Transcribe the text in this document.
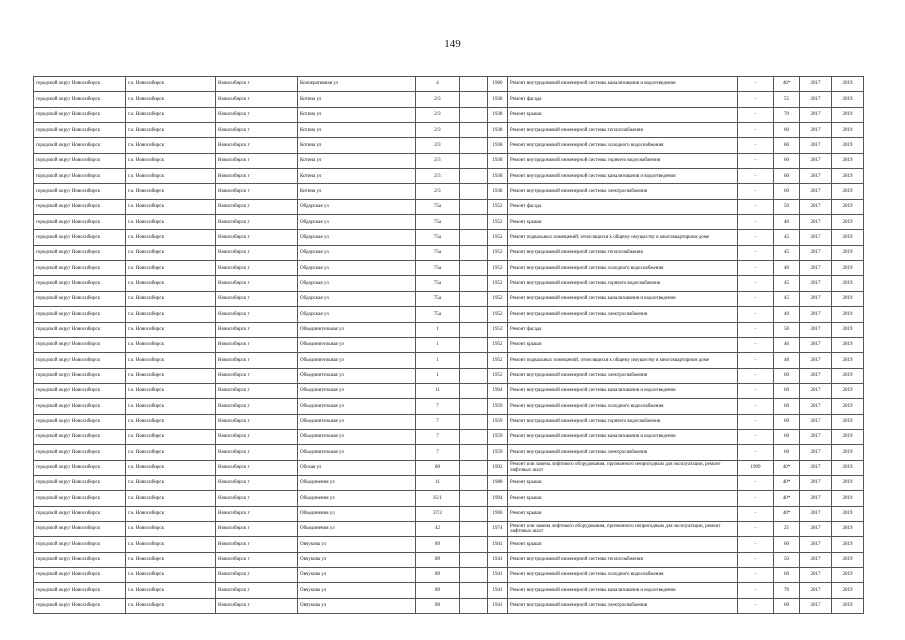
149
городской округ Новосибирск	г.о. Новосибирск	Новосибирск г	Кооперативная ул	4		1960	Ремонт внутридомовой инженерной системы канализования и водоотведения	-	46*	2017	2019
городской округ Новосибирск	г.о. Новосибирск	Новосибирск г	Котина ул	2/3		1938	Ремонт фасада	-	55	2017	2019
городской округ Новосибирск	г.о. Новосибирск	Новосибирск г	Котина ул	2/3		1938	Ремонт крыши	-	70	2017	2019
городской округ Новосибирск	г.о. Новосибирск	Новосибирск г	Котина ул	2/3		1938	Ремонт внутридомовой инженерной системы теплоснабжения	-	60	2017	2019
городской округ Новосибирск	г.о. Новосибирск	Новосибирск г	Котина ул	2/3		1938	Ремонт внутридомовой инженерной системы холодного водоснабжения	-	60	2017	2019
городской округ Новосибирск	г.о. Новосибирск	Новосибирск г	Котина ул	2/3		1938	Ремонт внутридомовой инженерной системы горячего водоснабжения	-	60	2017	2019
городской округ Новосибирск	г.о. Новосибирск	Новосибирск г	Котина ул	2/3		1938	Ремонт внутридомовой инженерной системы канализования и водоотведения	-	60	2017	2019
городской округ Новосибирск	г.о. Новосибирск	Новосибирск г	Котина ул	2/3		1938	Ремонт внутридомовой инженерной системы электроснабжения	-	60	2017	2019
городской округ Новосибирск	г.о. Новосибирск	Новосибирск г	Обдорская ул	75а		1952	Ремонт фасада	-	50	2017	2019
городской округ Новосибирск	г.о. Новосибирск	Новосибирск г	Обдорская ул	75а		1952	Ремонт крыши	-	40	2017	2019
городской округ Новосибирск	г.о. Новосибирск	Новосибирск г	Обдорская ул	75а		1952	Ремонт подвальных помещений, относящихся к общему имуществу в многоквартирном доме	-	45	2017	2019
городской округ Новосибирск	г.о. Новосибирск	Новосибирск г	Обдорская ул	75а		1952	Ремонт внутридомовой инженерной системы теплоснабжения	-	45	2017	2019
городской округ Новосибирск	г.о. Новосибирск	Новосибирск г	Обдорская ул	75а		1952	Ремонт внутридомовой инженерной системы холодного водоснабжения	-	40	2017	2019
городской округ Новосибирск	г.о. Новосибирск	Новосибирск г	Обдорская ул	75а		1952	Ремонт внутридомовой инженерной системы горячего водоснабжения	-	45	2017	2019
городской округ Новосибирск	г.о. Новосибирск	Новосибирск г	Обдорская ул	75а		1952	Ремонт внутридомовой инженерной системы канализования и водоотведения	-	45	2017	2019
городской округ Новосибирск	г.о. Новосибирск	Новосибирск г	Обдорская ул	75а		1952	Ремонт внутридомовой инженерной системы электроснабжения	-	40	2017	2019
городской округ Новосибирск	г.о. Новосибирск	Новосибирск г	Объединительная ул	1		1952	Ремонт фасада	-	50	2017	2019
городской округ Новосибирск	г.о. Новосибирск	Новосибирск г	Объединительная ул	1		1952	Ремонт крыши	-	46	2017	2019
городской округ Новосибирск	г.о. Новосибирск	Новосибирск г	Объединительная ул	1		1952	Ремонт подвальных помещений, относящихся к общему имуществу в многоквартирном доме	-	48	2017	2019
городской округ Новосибирск	г.о. Новосибирск	Новосибирск г	Объединительная ул	1		1952	Ремонт внутридомовой инженерной системы электроснабжения	-	60	2017	2019
городской округ Новосибирск	г.о. Новосибирск	Новосибирск г	Объединительная ул	11		1964	Ремонт внутридомовой инженерной системы канализования и водоотведения	-	60	2017	2019
городской округ Новосибирск	г.о. Новосибирск	Новосибирск г	Объединительная ул	7		1959	Ремонт внутридомовой инженерной системы холодного водоснабжения	-	60	2017	2019
городской округ Новосибирск	г.о. Новосибирск	Новосибирск г	Объединительная ул	7		1959	Ремонт внутридомовой инженерной системы горячего водоснабжения	-	60	2017	2019
городской округ Новосибирск	г.о. Новосибирск	Новосибирск г	Объединительная ул	7		1959	Ремонт внутридомовой инженерной системы канализования и водоотведения	-	60	2017	2019
городской округ Новосибирск	г.о. Новосибирск	Новосибирск г	Объединительная ул	7		1959	Ремонт внутридомовой инженерной системы электроснабжения	-	60	2017	2019
городской округ Новосибирск	г.о. Новосибирск	Новосибирск г	Обская ул	80		1992	Ремонт или замена лифтового оборудования, признанного непригодным для эксплуатации, ремонт лифтовых шахт	1999	40*	2017	2019
городской округ Новосибирск	г.о. Новосибирск	Новосибирск г	Объединения ул	11		1988	Ремонт крыши	-	40*	2017	2019
городской округ Новосибирск	г.о. Новосибирск	Новосибирск г	Объединения ул	35/1		1994	Ремонт крыши	-	40*	2017	2019
городской округ Новосибирск	г.о. Новосибирск	Новосибирск г	Объединения ул	37/2		1966	Ремонт крыши	-	40*	2017	2019
городской округ Новосибирск	г.о. Новосибирск	Новосибирск г	Объединения ул	42		1974	Ремонт или замена лифтового оборудования, признанного непригодным для эксплуатации, ремонт лифтовых шахт	-	25	2017	2019
городской округ Новосибирск	г.о. Новосибирск	Новосибирск г	Овчукова ул	89		1941	Ремонт крыши	-	60	2017	2019
городской округ Новосибирск	г.о. Новосибирск	Новосибирск г	Овчукова ул	89		1941	Ремонт внутридомовой инженерной системы теплоснабжения	-	50	2017	2019
городской округ Новосибирск	г.о. Новосибирск	Новосибирск г	Овчукова ул	89		1941	Ремонт внутридомовой инженерной системы холодного водоснабжения	-	60	2017	2019
городской округ Новосибирск	г.о. Новосибирск	Новосибирск г	Овчукова ул	89		1941	Ремонт внутридомовой инженерной системы канализования и водоотведения	-	70	2017	2019
городской округ Новосибирск	г.о. Новосибирск	Новосибирск г	Овчукова ул	89		1941	Ремонт внутридомовой инженерной системы электроснабжения	-	60	2017	2019
